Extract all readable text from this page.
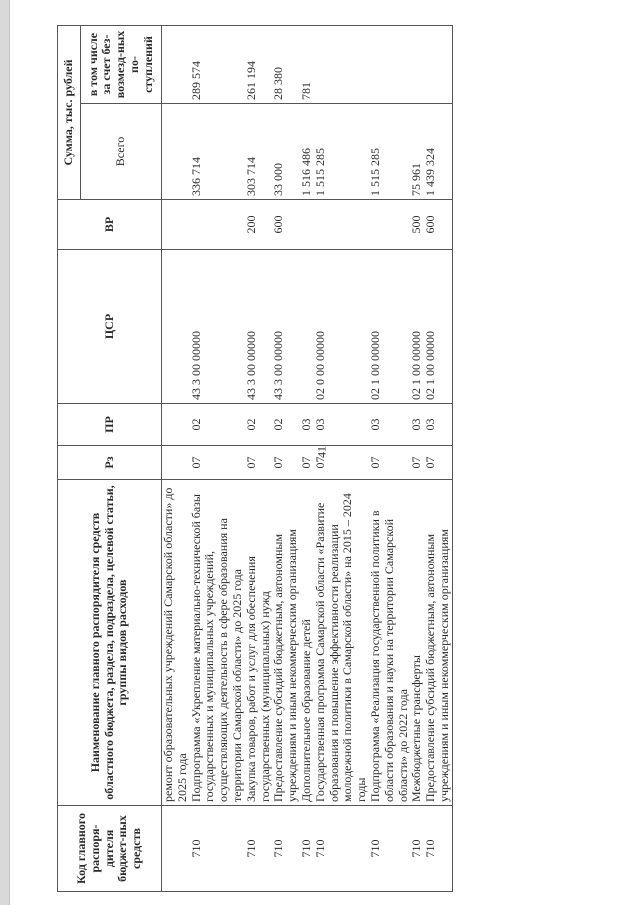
41
Код главного распоря-дителя бюджет-ных средств	Наименование главного распорядителя средств областного бюджета, раздела, подраздела, целевой статьи, группы видов расходов	Рз	ПР	ЦСР	ВР	Сумма, тыс. рублей	
						Всего	в том числе за счет без-возмезд-ных по-ступлений
	ремонт образовательных учреждений Самарской области» до 2025 года						
710	Подпрограмма «Укрепление материально-технической базы государственных и муниципальных учреждений, осуществляющих деятельность в сфере образования на территории Самарской области» до 2025 года	07	02	43 3 00 00000		336 714	289 574
710	Закупка товаров, работ и услуг для обеспечения государственных (муниципальных) нужд	07	02	43 3 00 00000	200	303 714	261 194
710	Предоставление субсидий бюджетным, автономным учреждениям и иным некоммерческим организациям	07	02	43 3 00 00000	600	33 000	28 380
710	Дополнительное образование детей	07	03			1 516 486	781
710	Государственная программа Самарской области «Развитие образования и повышение эффективности реализации молодежной политики в Самарской области» на 2015 – 2024 годы	07	03	02 0 00 00000		1 515 285	
710	Подпрограмма «Реализация государственной политики в области образования и науки на территории Самарской области» до 2022 года	07	03	02 1 00 00000		1 515 285	
710	Межбюджетные трансферты	07	03	02 1 00 00000	500	75 961	
710	Предоставление субсидий бюджетным, автономным учреждениям и иным некоммерческим организациям	07	03	02 1 00 00000	600	1 439 324	
